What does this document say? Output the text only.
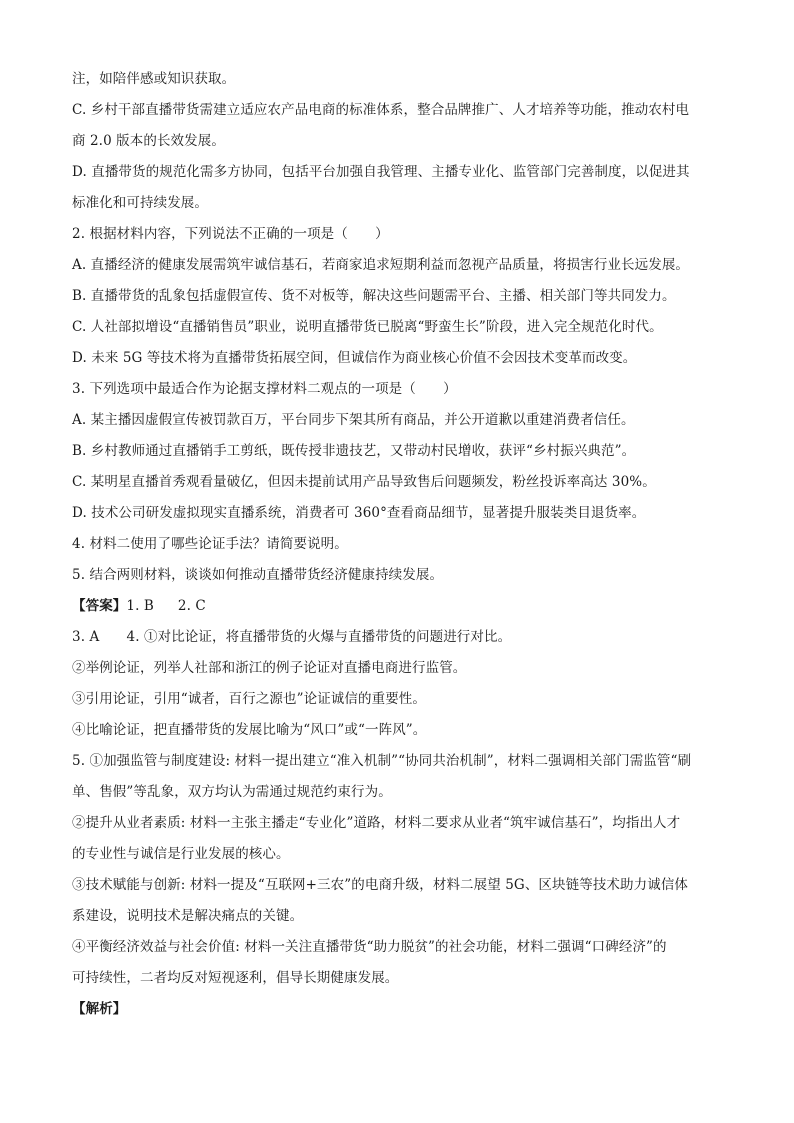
注，如陪伴感或知识获取。
C. 乡村干部直播带货需建立适应农产品电商的标准体系，整合品牌推广、人才培养等功能，推动农村电
商 2.0 版本的长效发展。
D. 直播带货的规范化需多方协同，包括平台加强自我管理、主播专业化、监管部门完善制度，以促进其
标准化和可持续发展。
2. 根据材料内容，下列说法不正确的一项是（　　）
A. 直播经济的健康发展需筑牢诚信基石，若商家追求短期利益而忽视产品质量，将损害行业长远发展。
B. 直播带货的乱象包括虚假宣传、货不对板等，解决这些问题需平台、主播、相关部门等共同发力。
C. 人社部拟增设“直播销售员”职业，说明直播带货已脱离“野蛮生长”阶段，进入完全规范化时代。
D. 未来 5G 等技术将为直播带货拓展空间，但诚信作为商业核心价值不会因技术变革而改变。
3. 下列选项中最适合作为论据支撑材料二观点的一项是（　　）
A. 某主播因虚假宣传被罚款百万，平台同步下架其所有商品，并公开道歉以重建消费者信任。
B. 乡村教师通过直播销手工剪纸，既传授非遗技艺，又带动村民增收，获评“乡村振兴典范”。
C. 某明星直播首秀观看量破亿，但因未提前试用产品导致售后问题频发，粉丝投诉率高达 30%。
D. 技术公司研发虚拟现实直播系统，消费者可 360°查看商品细节，显著提升服装类目退货率。
4. 材料二使用了哪些论证手法？请简要说明。
5. 结合两则材料，谈谈如何推动直播带货经济健康持续发展。
【答案】1. B 2. C
3. A　　4. ①对比论证，将直播带货的火爆与直播带货的问题进行对比。
②举例论证，列举人社部和浙江的例子论证对直播电商进行监管。
③引用论证，引用“诚者，百行之源也”论证诚信的重要性。
④比喻论证，把直播带货的发展比喻为“风口”或“一阵风”。
5. ①加强监管与制度建设: 材料一提出建立“准入机制”“协同共治机制”，材料二强调相关部门需监管“刷
单、售假”等乱象，双方均认为需通过规范约束行为。
②提升从业者素质: 材料一主张主播走“专业化”道路，材料二要求从业者“筑牢诚信基石”，均指出人才
的专业性与诚信是行业发展的核心。
③技术赋能与创新: 材料一提及“互联网+三农”的电商升级，材料二展望 5G、区块链等技术助力诚信体
系建设，说明技术是解决痛点的关键。
④平衡经济效益与社会价值: 材料一关注直播带货“助力脱贫”的社会功能，材料二强调“口碑经济”的
可持续性，二者均反对短视逐利，倡导长期健康发展。
【解析】
